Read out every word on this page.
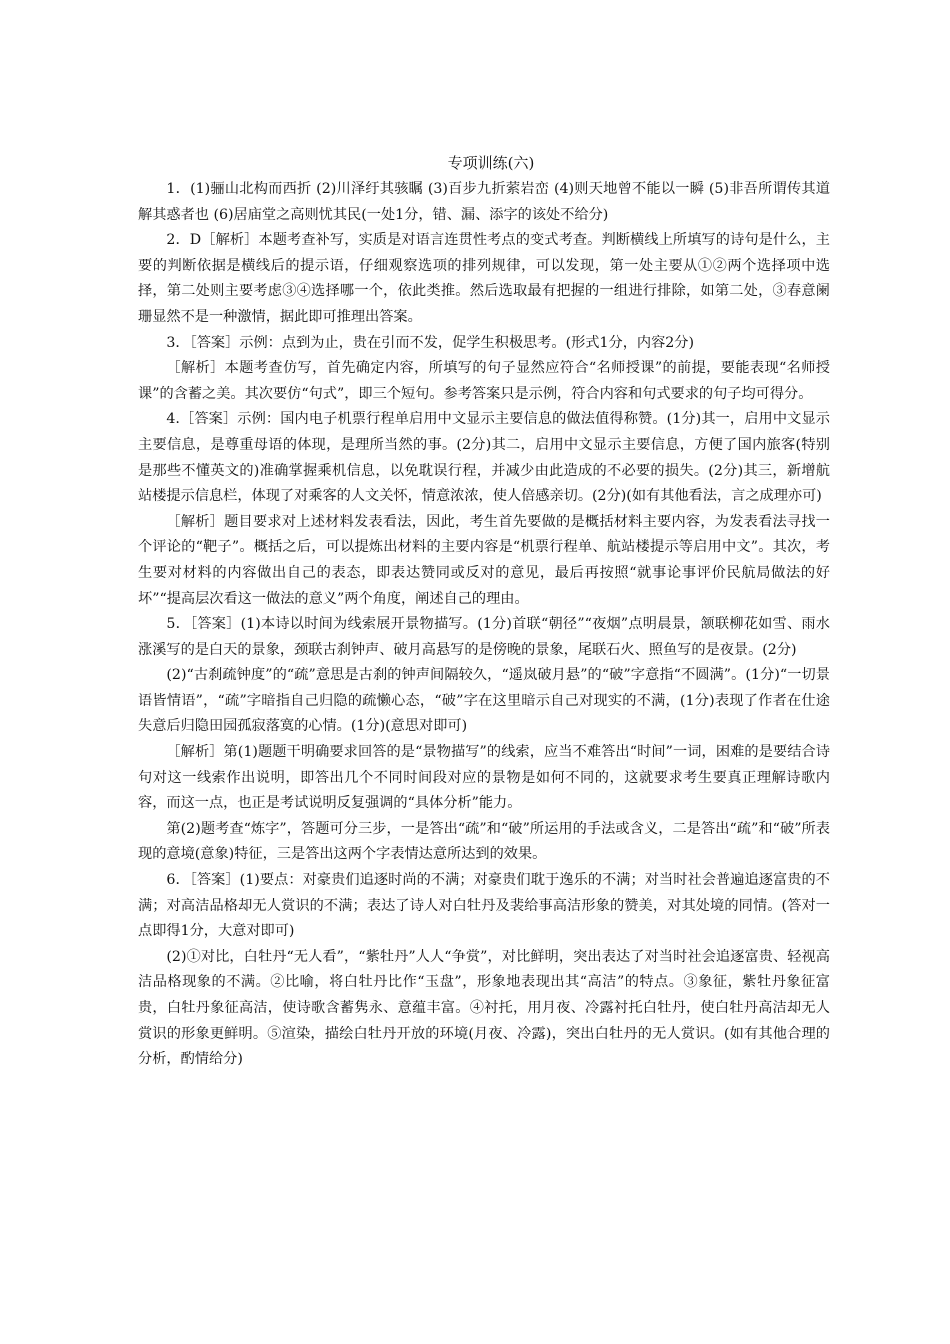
专项训练(六)

1．(1)骊山北构而西折 (2)川泽纡其骇瞩 (3)百步九折萦岩峦 (4)则天地曾不能以一瞬 (5)非吾所谓传其道解其惑者也 (6)居庙堂之高则忧其民(一处1分，错、漏、添字的该处不给分)

2．D［解析］本题考查补写，实质是对语言连贯性考点的变式考查。判断横线上所填写的诗句是什么，主要的判断依据是横线后的提示语，仔细观察选项的排列规律，可以发现，第一处主要从①②两个选择项中选择，第二处则主要考虑③④选择哪一个，依此类推。然后选取最有把握的一组进行排除，如第二处，③春意阑珊显然不是一种激情，据此即可推理出答案。

3．［答案］示例：点到为止，贵在引而不发，促学生积极思考。(形式1分，内容2分)

［解析］本题考查仿写，首先确定内容，所填写的句子显然应符合“名师授课”的前提，要能表现“名师授课”的含蓄之美。其次要仿“句式”，即三个短句。参考答案只是示例，符合内容和句式要求的句子均可得分。

4.［答案］示例：国内电子机票行程单启用中文显示主要信息的做法值得称赞。(1分)其一，启用中文显示主要信息，是尊重母语的体现，是理所当然的事。(2分)其二，启用中文显示主要信息，方便了国内旅客(特别是那些不懂英文的)准确掌握乘机信息，以免耽误行程，并减少由此造成的不必要的损失。(2分)其三，新增航站楼提示信息栏，体现了对乘客的人文关怀，情意浓浓，使人倍感亲切。(2分)(如有其他看法，言之成理亦可)

［解析］题目要求对上述材料发表看法，因此，考生首先要做的是概括材料主要内容，为发表看法寻找一个评论的“靶子”。概括之后，可以提炼出材料的主要内容是“机票行程单、航站楼提示等启用中文”。其次，考生要对材料的内容做出自己的表态，即表达赞同或反对的意见，最后再按照“就事论事评价民航局做法的好坏”“提高层次看这一做法的意义”两个角度，阐述自己的理由。

5．［答案］(1)本诗以时间为线索展开景物描写。(1分)首联“朝径”“夜烟”点明晨景，颔联柳花如雪、雨水涨溪写的是白天的景象，颈联古刹钟声、破月高悬写的是傍晚的景象，尾联石火、照鱼写的是夜景。(2分)

(2)“古刹疏钟度”的“疏”意思是古刹的钟声间隔较久，“遥岚破月悬”的“破”字意指“不圆满”。(1分)“一切景语皆情语”，“疏”字暗指自己归隐的疏懒心态，“破”字在这里暗示自己对现实的不满，(1分)表现了作者在仕途失意后归隐田园孤寂落寞的心情。(1分)(意思对即可)

［解析］第(1)题题干明确要求回答的是“景物描写”的线索，应当不难答出“时间”一词，困难的是要结合诗句对这一线索作出说明，即答出几个不同时间段对应的景物是如何不同的，这就要求考生要真正理解诗歌内容，而这一点，也正是考试说明反复强调的“具体分析”能力。

第(2)题考查“炼字”，答题可分三步，一是答出“疏”和“破”所运用的手法或含义，二是答出“疏”和“破”所表现的意境(意象)特征，三是答出这两个字表情达意所达到的效果。

6．［答案］(1)要点：对豪贵们追逐时尚的不满；对豪贵们耽于逸乐的不满；对当时社会普遍追逐富贵的不满；对高洁品格却无人赏识的不满；表达了诗人对白牡丹及裴给事高洁形象的赞美，对其处境的同情。(答对一点即得1分，大意对即可)

(2)①对比，白牡丹“无人看”，“紫牡丹”人人“争赏”，对比鲜明，突出表达了对当时社会追逐富贵、轻视高洁品格现象的不满。②比喻，将白牡丹比作“玉盘”，形象地表现出其“高洁”的特点。③象征，紫牡丹象征富贵，白牡丹象征高洁，使诗歌含蓄隽永、意蕴丰富。④衬托，用月夜、冷露衬托白牡丹，使白牡丹高洁却无人赏识的形象更鲜明。⑤渲染，描绘白牡丹开放的环境(月夜、冷露)，突出白牡丹的无人赏识。(如有其他合理的分析，酌情给分)
